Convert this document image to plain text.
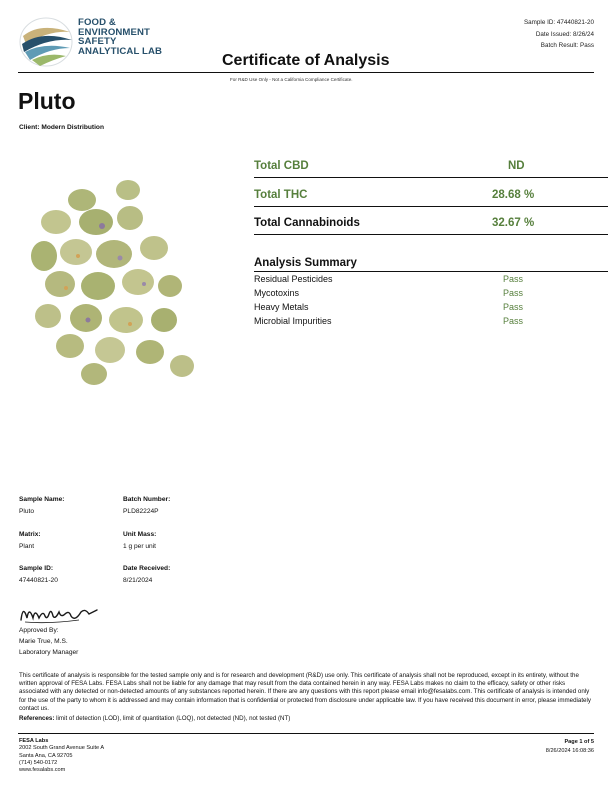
FOOD &
ENVIRONMENT
SAFETY
ANALYTICAL LAB
Sample ID: 47440821-20
Date Issued: 8/26/24
Batch Result: Pass
Certificate of Analysis
For R&D Use Only - Not a California Compliance Certificate.
Pluto
Client: Modern Distribution
Total CBD	ND
Total THC	28.68 %
Total Cannabinoids	32.67 %
Analysis Summary
Residual Pesticides	Pass
Mycotoxins	Pass
Heavy Metals	Pass
Microbial Impurities	Pass
Sample Name:
Pluto
Batch Number:
PLD82224P
Matrix:
Plant
Unit Mass:
1 g per unit
Sample ID:
47440821-20
Date Received:
8/21/2024
Approved By:
Marie True, M.S.
Laboratory Manager
This certificate of analysis is responsible for the tested sample only and is for research and development (R&D) use only. This certificate of analysis shall not be reproduced, except in its entirety, without the written approval of FESA Labs. FESA Labs shall not be liable for any damage that may result from the data contained herein in any way. FESA Labs makes no claim to the efficacy, safety or other risks associated with any detected or non-detected amounts of any substances reported herein. If there are any questions with this report please email info@fesalabs.com. This certificate of analysis is intended only for the use of the party to whom it is addressed and may contain information that is confidential or protected from disclosure under applicable law. If you have received this document in error, please immediately contact us.
References: limit of detection (LOD), limit of quantitation (LOQ), not detected (ND), not tested (NT)
FESA Labs
2002 South Grand Avenue Suite A
Santa Ana, CA 92705
(714) 540-0172
www.fesalabs.com
Page 1 of 5
8/26/2024 16:08:36
